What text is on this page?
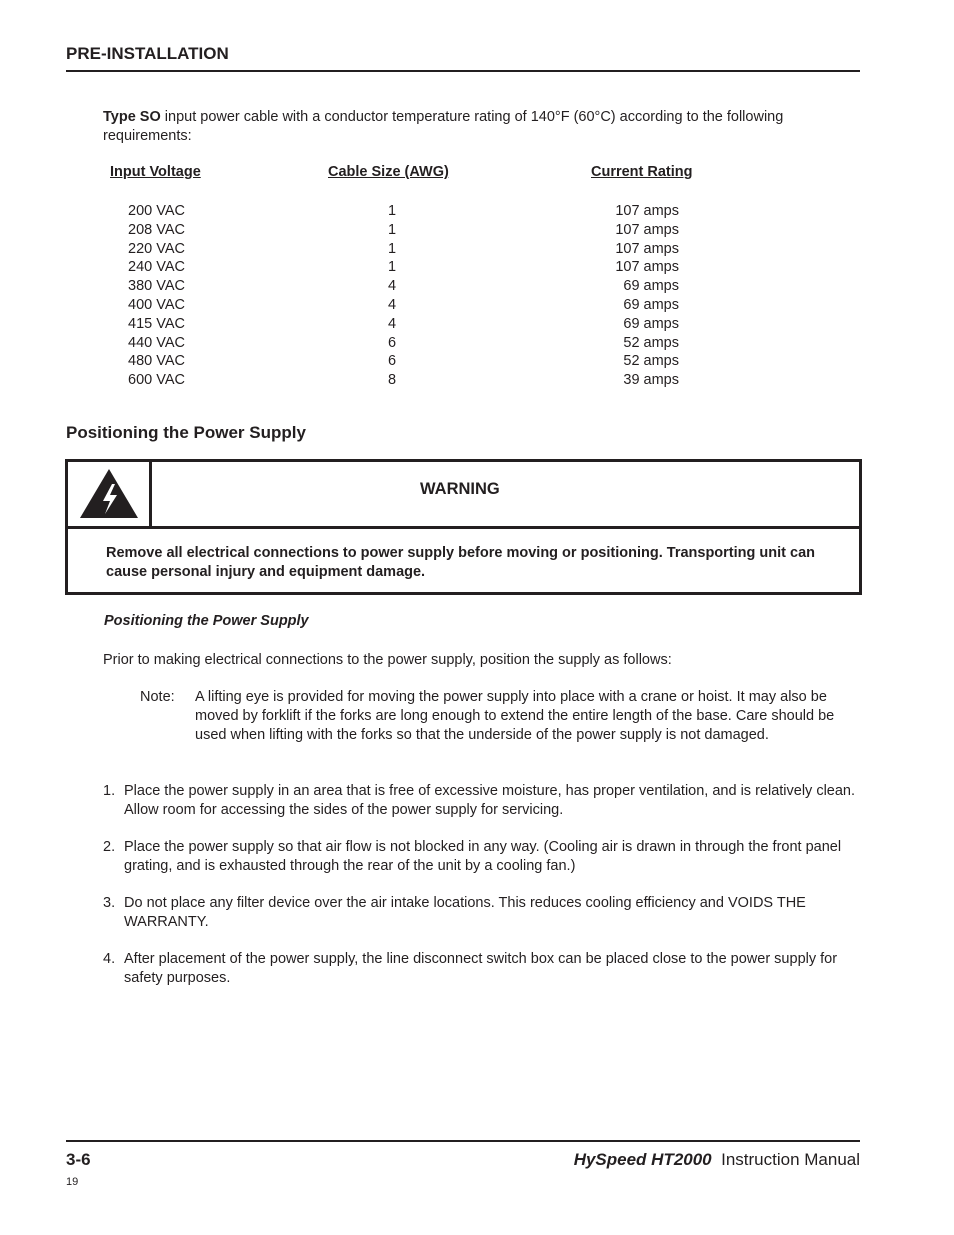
PRE-INSTALLATION
Type SO input power cable with a conductor temperature rating of 140°F (60°C) according to the following requirements:
Input Voltage	Cable Size (AWG)	Current Rating
200 VAC
208 VAC
220 VAC
240 VAC
380 VAC
400 VAC
415 VAC
440 VAC
480 VAC
600 VAC
1
1
1
1
4
4
4
6
6
8
107 amps
107 amps
107 amps
107 amps
69 amps
69 amps
69 amps
52 amps
52 amps
39 amps
Positioning the Power Supply
WARNING
Remove all electrical connections to power supply before moving or positioning. Transporting unit can cause personal injury and equipment damage.
Positioning the Power Supply
Prior to making electrical connections to the power supply, position the supply as follows:
Note: A lifting eye is provided for moving the power supply into place with a crane or hoist. It may also be moved by forklift if the forks are long enough to extend the entire length of the base. Care should be used when lifting with the forks so that the underside of the power supply is not damaged.
1. Place the power supply in an area that is free of excessive moisture, has proper ventilation, and is relatively clean. Allow room for accessing the sides of the power supply for servicing.
2. Place the power supply so that air flow is not blocked in any way. (Cooling air is drawn in through the front panel grating, and is exhausted through the rear of the unit by a cooling fan.)
3. Do not place any filter device over the air intake locations. This reduces cooling efficiency and VOIDS THE WARRANTY.
4. After placement of the power supply, the line disconnect switch box can be placed close to the power supply for safety purposes.
3-6
19
HySpeed HT2000 Instruction Manual
